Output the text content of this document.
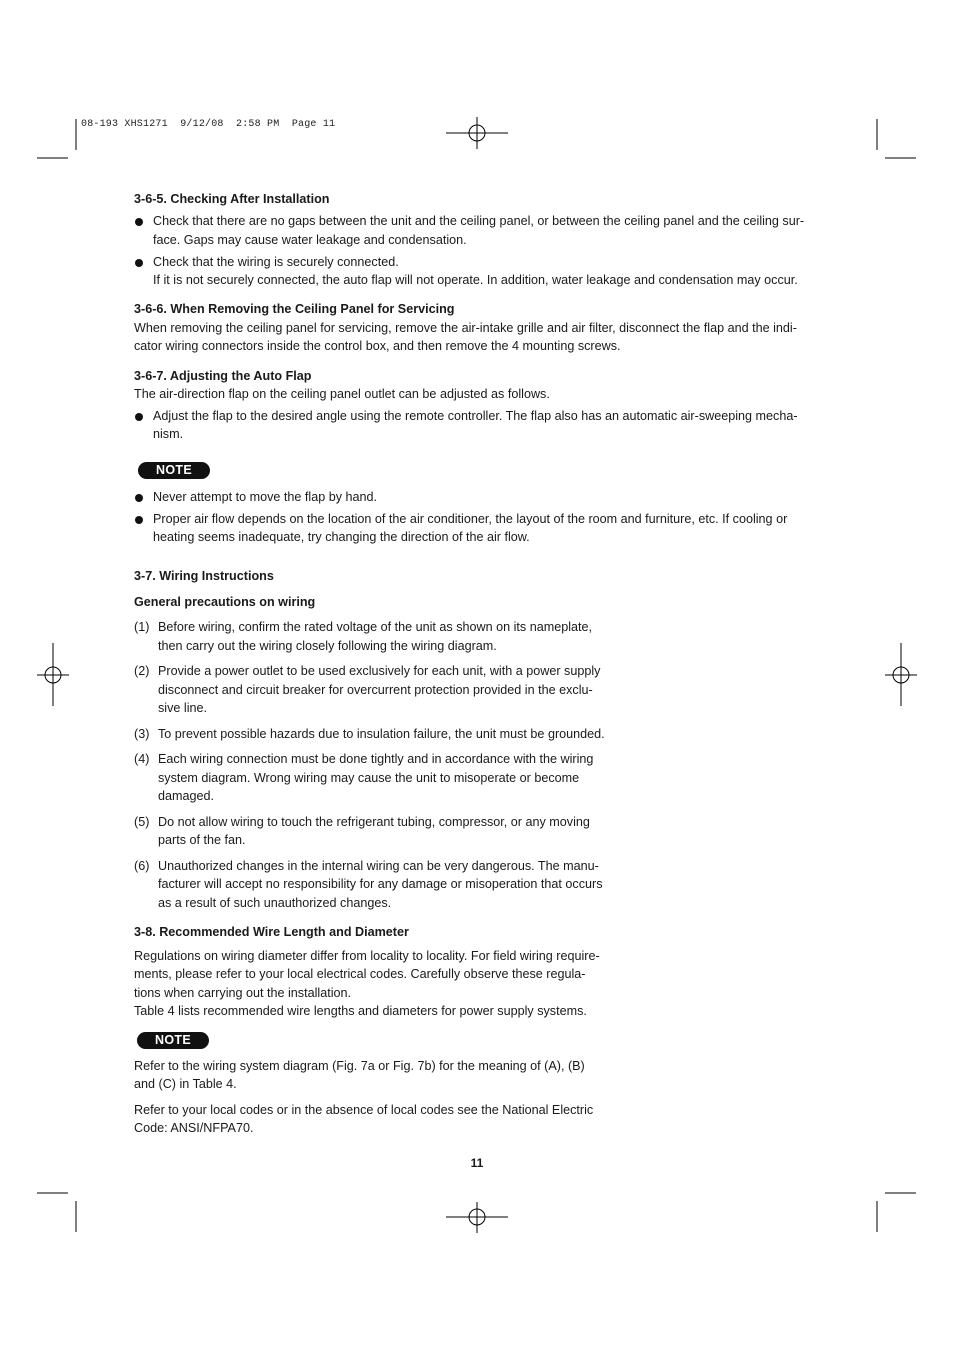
08-193 XHS1271  9/12/08  2:58 PM  Page 11
3-6-5. Checking After Installation
Check that there are no gaps between the unit and the ceiling panel, or between the ceiling panel and the ceiling sur-
face. Gaps may cause water leakage and condensation.
Check that the wiring is securely connected.
If it is not securely connected, the auto flap will not operate. In addition, water leakage and condensation may occur.
3-6-6. When Removing the Ceiling Panel for Servicing
When removing the ceiling panel for servicing, remove the air-intake grille and air filter, disconnect the flap and the indi-
cator wiring connectors inside the control box, and then remove the 4 mounting screws.
3-6-7. Adjusting the Auto Flap
The air-direction flap on the ceiling panel outlet can be adjusted as follows.
Adjust the flap to the desired angle using the remote controller. The flap also has an automatic air-sweeping mecha-
nism.
NOTE
Never attempt to move the flap by hand.
Proper air flow depends on the location of the air conditioner, the layout of the room and furniture, etc. If cooling or
heating seems inadequate, try changing the direction of the air flow.
3-7. Wiring Instructions
General precautions on wiring
(1) Before wiring, confirm the rated voltage of the unit as shown on its nameplate,
then carry out the wiring closely following the wiring diagram.
(2) Provide a power outlet to be used exclusively for each unit, with a power supply
disconnect and circuit breaker for overcurrent protection provided in the exclu-
sive line.
(3) To prevent possible hazards due to insulation failure, the unit must be grounded.
(4) Each wiring connection must be done tightly and in accordance with the wiring
system diagram. Wrong wiring may cause the unit to misoperate or become
damaged.
(5) Do not allow wiring to touch the refrigerant tubing, compressor, or any moving
parts of the fan.
(6) Unauthorized changes in the internal wiring can be very dangerous. The manu-
facturer will accept no responsibility for any damage or misoperation that occurs
as a result of such unauthorized changes.
3-8. Recommended Wire Length and Diameter
Regulations on wiring diameter differ from locality to locality. For field wiring require-
ments, please refer to your local electrical codes. Carefully observe these regula-
tions when carrying out the installation.
Table 4 lists recommended wire lengths and diameters for power supply systems.
NOTE
Refer to the wiring system diagram (Fig. 7a or Fig. 7b) for the meaning of (A), (B)
and (C) in Table 4.
Refer to your local codes or in the absence of local codes see the National Electric
Code: ANSI/NFPA70.
11
